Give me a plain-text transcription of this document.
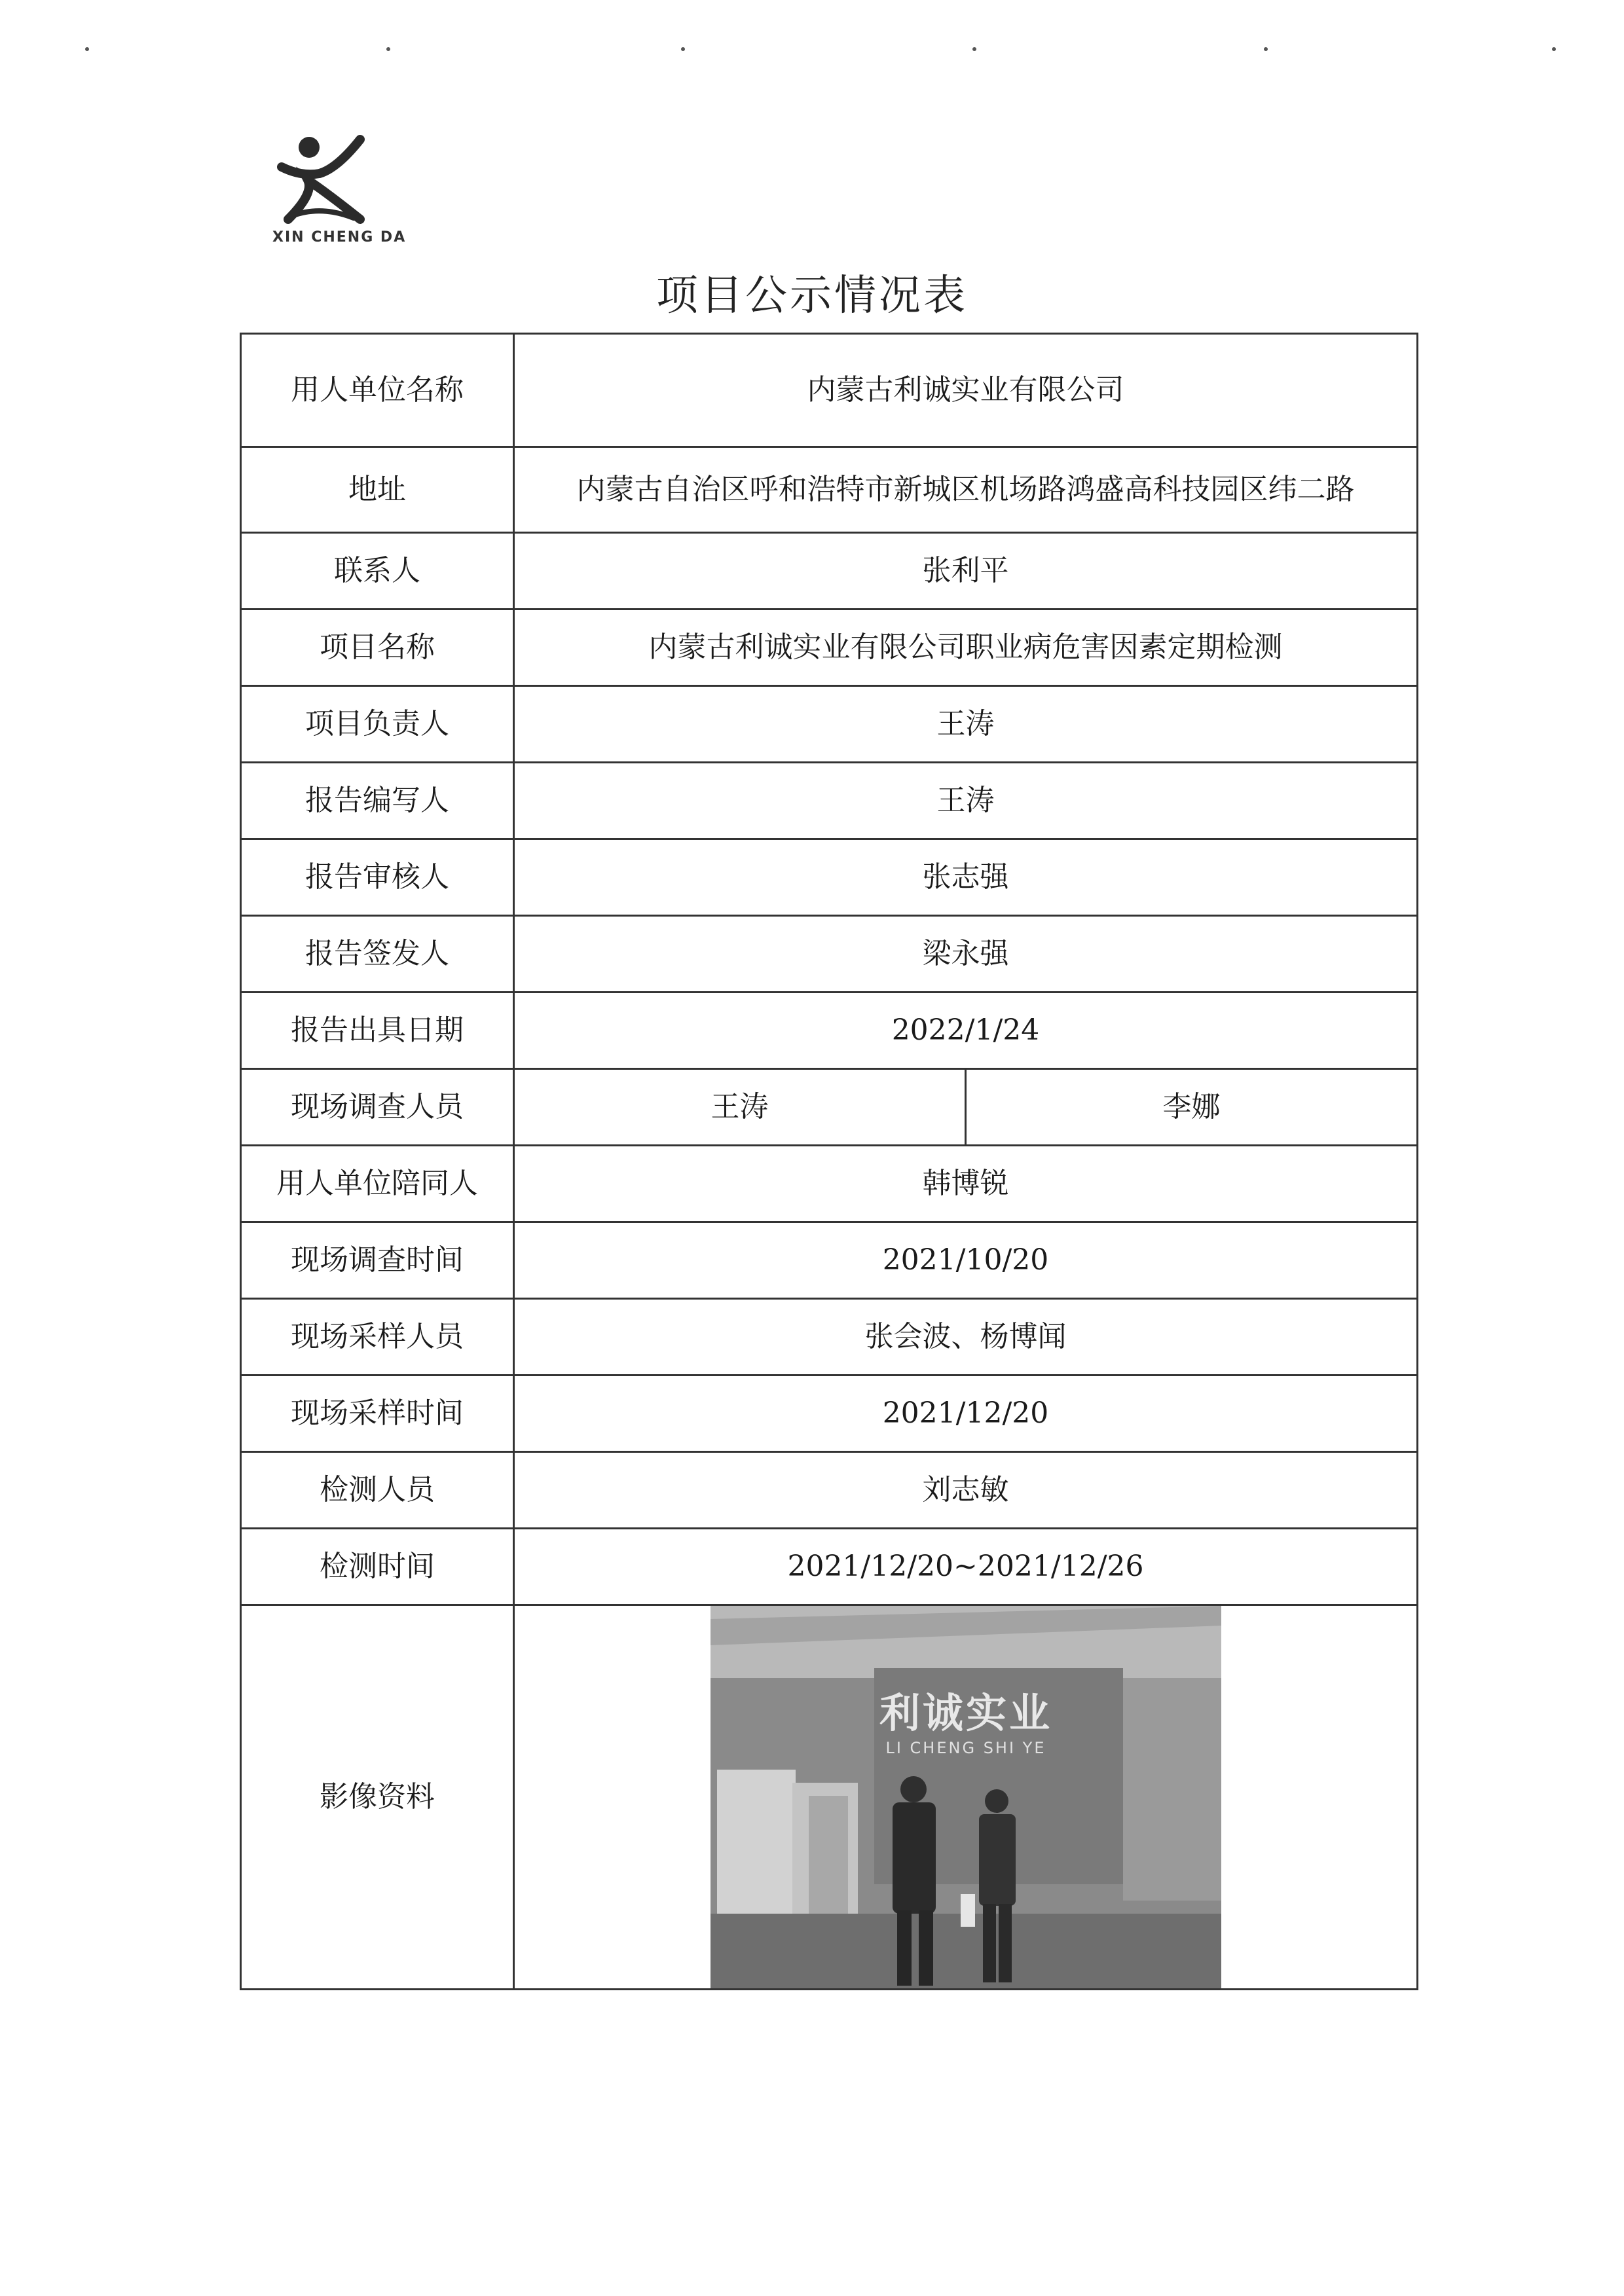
XIN CHENG DA
项目公示情况表
用人单位名称	内蒙古利诚实业有限公司	
地址	内蒙古自治区呼和浩特市新城区机场路鸿盛高科技园区纬二路	
联系人	张利平	
项目名称	内蒙古利诚实业有限公司职业病危害因素定期检测	
项目负责人	王涛	
报告编写人	王涛	
报告审核人	张志强	
报告签发人	梁永强	
报告出具日期	2022/1/24	
现场调查人员	王涛	李娜
用人单位陪同人	韩博锐	
现场调查时间	2021/10/20	
现场采样人员	张会波、杨博闻	
现场采样时间	2021/12/20	
检测人员	刘志敏	
检测时间	2021/12/20~2021/12/26	
影像资料	利诚实业
LI CHENG SHI YE	
